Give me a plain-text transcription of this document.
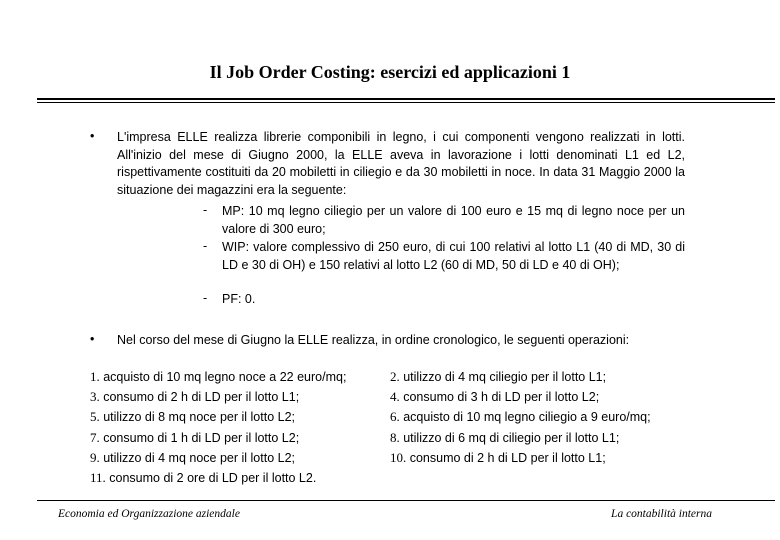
Il Job Order Costing: esercizi ed applicazioni 1
• L'impresa ELLE realizza librerie componibili in legno, i cui componenti vengono realizzati in lotti. All'inizio del mese di Giugno 2000, la ELLE aveva in lavorazione i lotti denominati L1 ed L2, rispettivamente costituiti da 20 mobiletti in ciliegio e da 30 mobiletti in noce. In data 31 Maggio 2000 la situazione dei magazzini era la seguente:
- MP: 10 mq legno ciliegio per un valore di 100 euro e 15 mq di legno noce per un valore di 300 euro;
- WIP: valore complessivo di 250 euro, di cui 100 relativi al lotto L1 (40 di MD, 30 di LD e 30 di OH) e 150 relativi al lotto L2 (60 di MD, 50 di LD e 40 di OH);
- PF: 0.
• Nel corso del mese di Giugno la ELLE realizza, in ordine cronologico, le seguenti operazioni:
1. acquisto di 10 mq legno noce a 22 euro/mq;
3. consumo di 2 h di LD per il lotto L1;
5. utilizzo di 8 mq noce per il lotto L2;
7. consumo di 1 h di LD per il lotto L2;
9. utilizzo di 4 mq noce per il lotto L2;
11. consumo di 2 ore di LD per il lotto L2.
2. utilizzo di 4 mq ciliegio per il lotto L1;
4. consumo di 3 h di LD per il lotto L2;
6. acquisto di 10 mq legno ciliegio a 9 euro/mq;
8. utilizzo di 6 mq di ciliegio per il lotto L1;
10. consumo di 2 h di LD per il lotto L1;
Economia ed Organizzazione aziendale	La contabilità interna
